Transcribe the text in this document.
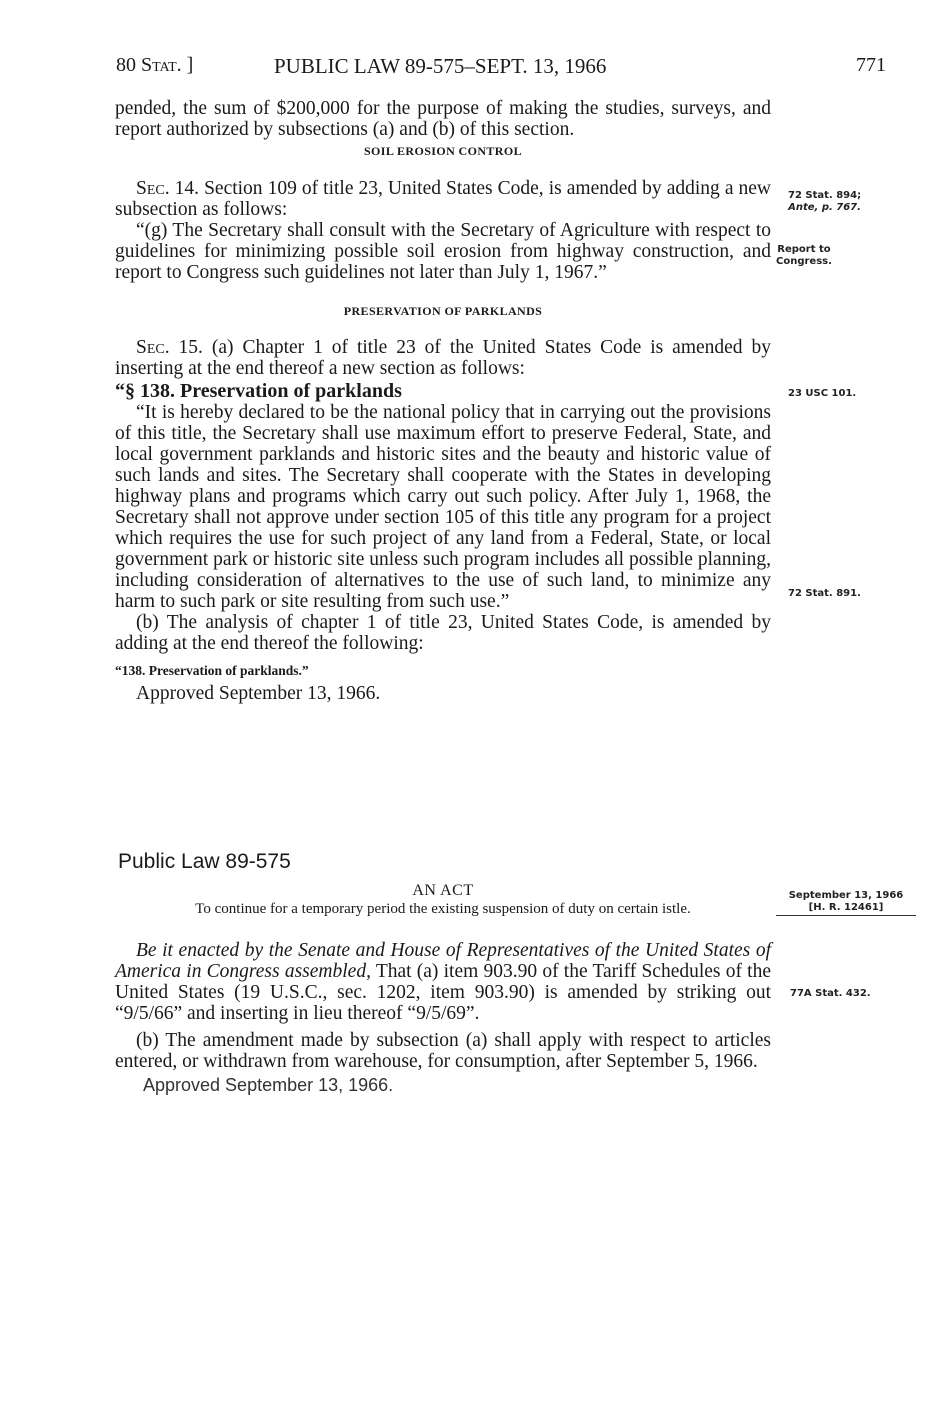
80 Stat. ]	PUBLIC LAW 89-575–SEPT. 13, 1966	771

pended, the sum of $200,000 for the purpose of making the studies, surveys, and report authorized by subsections (a) and (b) of this section.

SOIL EROSION CONTROL

Sec. 14. Section 109 of title 23, United States Code, is amended by adding a new subsection as follows:

“(g) The Secretary shall consult with the Secretary of Agriculture with respect to guidelines for minimizing possible soil erosion from highway construction, and report to Congress such guidelines not later than July 1, 1967.”

PRESERVATION OF PARKLANDS

Sec. 15. (a) Chapter 1 of title 23 of the United States Code is amended by inserting at the end thereof a new section as follows:

“§ 138. Preservation of parklands

“It is hereby declared to be the national policy that in carrying out the provisions of this title, the Secretary shall use maximum effort to preserve Federal, State, and local government parklands and historic sites and the beauty and historic value of such lands and sites. The Secretary shall cooperate with the States in developing highway plans and programs which carry out such policy. After July 1, 1968, the Secretary shall not approve under section 105 of this title any program for a project which requires the use for such project of any land from a Federal, State, or local government park or historic site unless such program includes all possible planning, including consideration of alternatives to the use of such land, to minimize any harm to such park or site resulting from such use.”

(b) The analysis of chapter 1 of title 23, United States Code, is amended by adding at the end thereof the following:

“138. Preservation of parklands.”
Approved September 13, 1966.
Public Law 89-575
AN ACT
To continue for a temporary period the existing suspension of duty on certain istle.

Be it enacted by the Senate and House of Representatives of the United States of America in Congress assembled, That (a) item 903.90 of the Tariff Schedules of the United States (19 U.S.C., sec. 1202, item 903.90) is amended by striking out “9/5/66” and inserting in lieu thereof “9/5/69”.

(b) The amendment made by subsection (a) shall apply with respect to articles entered, or withdrawn from warehouse, for consumption, after September 5, 1966.

Approved September 13, 1966.
72 Stat. 894;
Ante, p. 767.
Report to
Congress.
23 USC 101.
72 Stat. 891.
September 13, 1966
[H. R. 12461]
77A Stat. 432.
